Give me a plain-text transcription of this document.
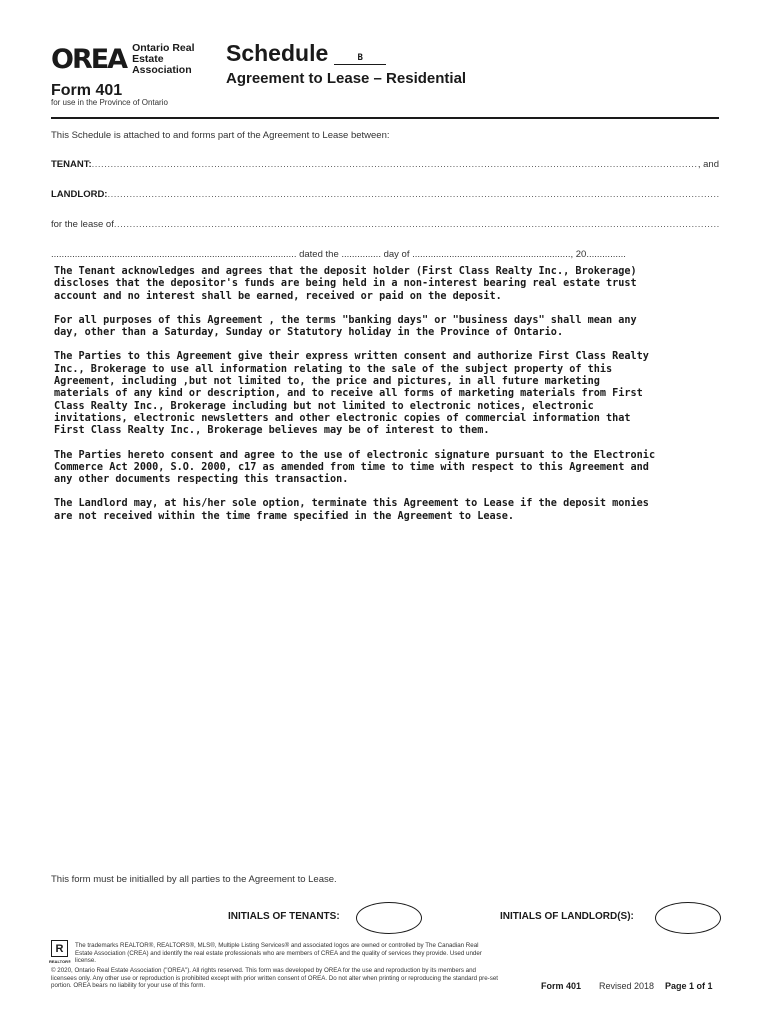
OREA Ontario Real Estate
Association
Form 401
for use in the Province of Ontario
Schedule	B
Agreement to Lease – Residential
This Schedule is attached to and forms part of the Agreement to Lease between:
TENANT:
.....	, and
LANDLORD:
.....
for the lease of
.....
............................................................................................. dated the ............... day of ............................................................, 20...............

The Tenant acknowledges and agrees that the deposit holder (First Class Realty Inc., Brokerage)
discloses that the depositor's funds are being held in a non-interest bearing real estate trust
account and no interest shall be earned, received or paid on the deposit.

For all purposes of this Agreement , the terms "banking days" or "business days" shall mean any
day, other than a Saturday, Sunday or Statutory holiday in the Province of Ontario.

The Parties to this Agreement give their express written consent and authorize First Class Realty
Inc., Brokerage to use all information relating to the sale of the subject property of this
Agreement, including ,but not limited to, the price and pictures, in all future marketing
materials of any kind or description, and to receive all forms of marketing materials from First
Class Realty Inc., Brokerage including but not limited to electronic notices, electronic
invitations, electronic newsletters and other electronic copies of commercial information that
First Class Realty Inc., Brokerage believes may be of interest to them.

The Parties hereto consent and agree to the use of electronic signature pursuant to the Electronic
Commerce Act 2000, S.O. 2000, c17 as amended from time to time with respect to this Agreement and
any other documents respecting this transaction.

The Landlord may, at his/her sole option, terminate this Agreement to Lease if the deposit monies
are not received within the time frame specified in the Agreement to Lease.

This form must be initialled by all parties to the Agreement to Lease.
INITIALS OF TENANTS:	INITIALS OF LANDLORD(S):
R
REALTOR®
The trademarks REALTOR®, REALTORS®, MLS®, Multiple Listing Services® and associated logos are owned or controlled by The Canadian Real Estate Association (CREA) and identify the real estate professionals who are members of CREA and the quality of services they provide. Used under license.
© 2020, Ontario Real Estate Association ("OREA"). All rights reserved. This form was developed by OREA for the use and reproduction by its members and licensees only. Any other use or reproduction is prohibited except with prior written consent of OREA. Do not alter when printing or reproducing the standard pre-set portion. OREA bears no liability for your use of this form.	Form 401 Revised 2018 Page 1 of 1
